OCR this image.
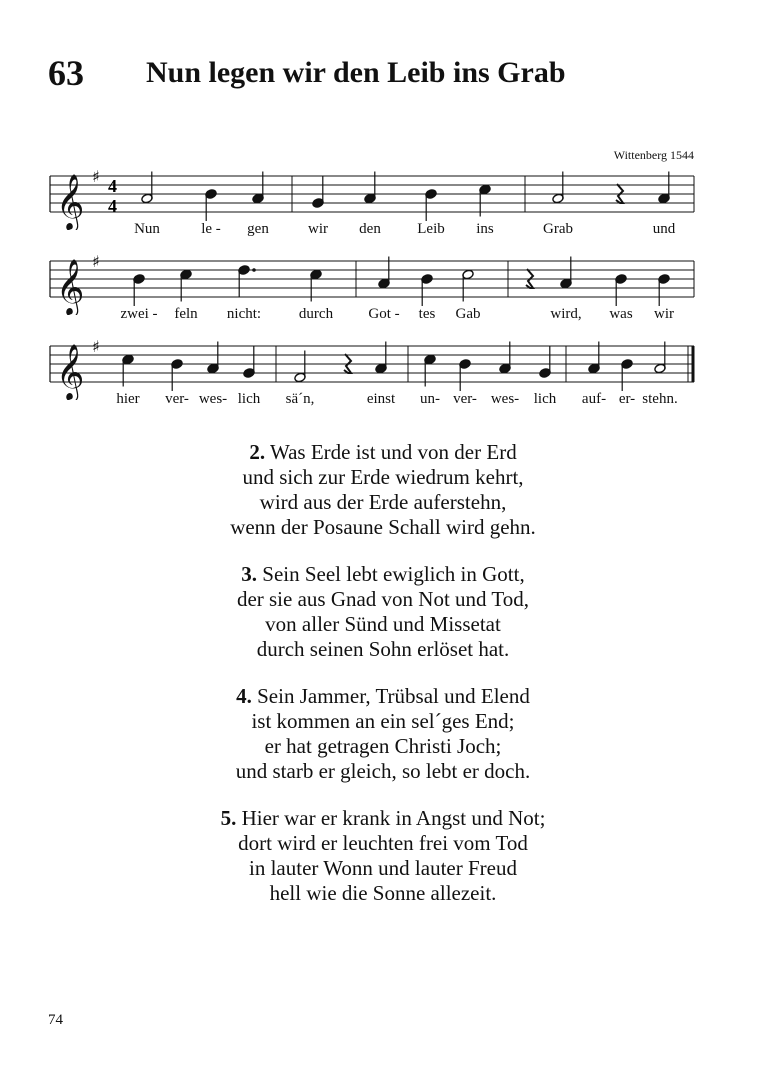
63 Nun legen wir den Leib ins Grab
Wittenberg 1544
𝄞 ♯ 4
4
Nun	le - gen	wir den Leib ins	Grab	und
𝄞 ♯
zwei - feln nicht:	durch Got - tes Gab	wird, was wir
𝄞 ♯
hier ver- wes- lich sä´n,	einst un- ver- wes- lich auf- er- stehn.
2. Was Erde ist und von der Erd
und sich zur Erde wiedrum kehrt,
wird aus der Erde auferstehn,
wenn der Posaune Schall wird gehn.
3. Sein Seel lebt ewiglich in Gott,
der sie aus Gnad von Not und Tod,
von aller Sünd und Missetat
durch seinen Sohn erlöset hat.
4. Sein Jammer, Trübsal und Elend
ist kommen an ein sel´ges End;
er hat getragen Christi Joch;
und starb er gleich, so lebt er doch.
5. Hier war er krank in Angst und Not;
dort wird er leuchten frei vom Tod
in lauter Wonn und lauter Freud
hell wie die Sonne allezeit.
74
